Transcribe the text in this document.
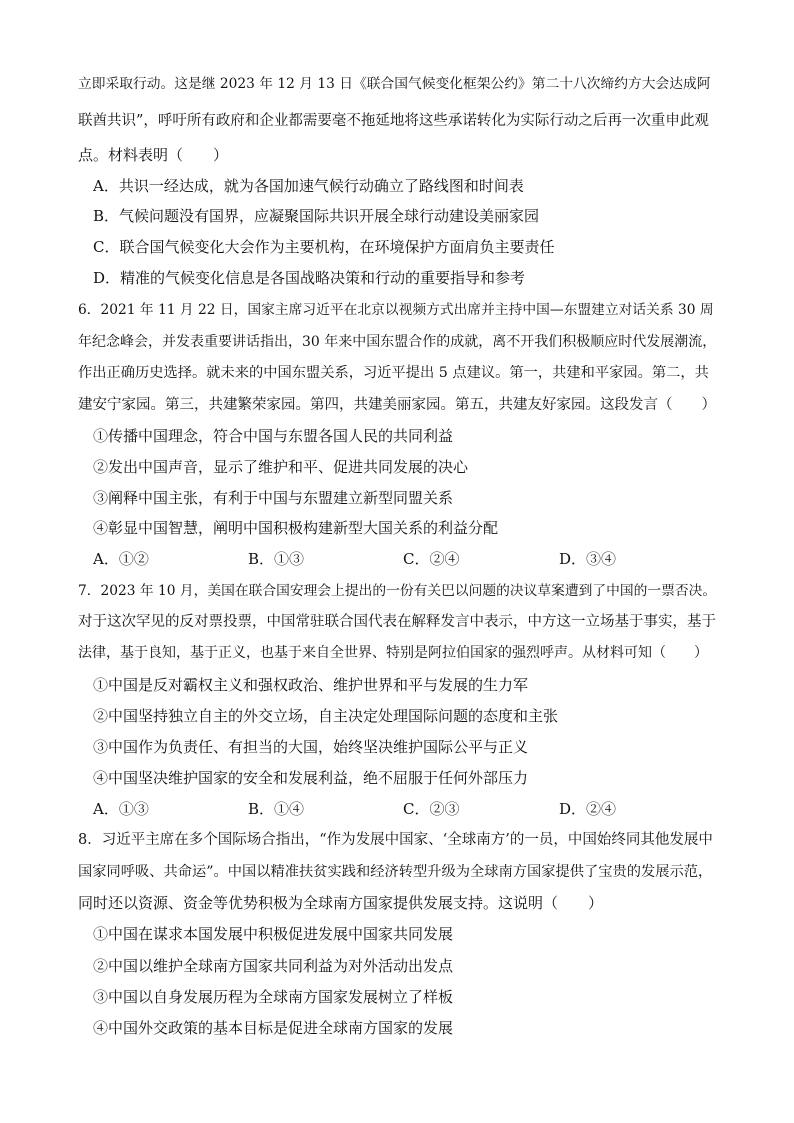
立即采取行动。这是继 2023 年 12 月 13 日《联合国气候变化框架公约》第二十八次缔约方大会达成阿
联酋共识”，呼吁所有政府和企业都需要毫不拖延地将这些承诺转化为实际行动之后再一次重申此观
点。材料表明（　　）
A．共识一经达成，就为各国加速气候行动确立了路线图和时间表
B．气候问题没有国界，应凝聚国际共识开展全球行动建设美丽家园
C．联合国气候变化大会作为主要机构，在环境保护方面肩负主要责任
D．精准的气候变化信息是各国战略决策和行动的重要指导和参考
6．2021 年 11 月 22 日，国家主席习近平在北京以视频方式出席并主持中国—东盟建立对话关系 30 周
年纪念峰会，并发表重要讲话指出，30 年来中国东盟合作的成就，离不开我们积极顺应时代发展潮流，
作出正确历史选择。就未来的中国东盟关系，习近平提出 5 点建议。第一，共建和平家园。第二，共
建安宁家园。第三，共建繁荣家园。第四，共建美丽家园。第五，共建友好家园。这段发言（　　）
①传播中国理念，符合中国与东盟各国人民的共同利益
②发出中国声音，显示了维护和平、促进共同发展的决心
③阐释中国主张，有利于中国与东盟建立新型同盟关系
④彰显中国智慧，阐明中国积极构建新型大国关系的利益分配
A．①②	B．①③	C．②④	D．③④
7．2023 年 10 月，美国在联合国安理会上提出的一份有关巴以问题的决议草案遭到了中国的一票否决。
对于这次罕见的反对票投票，中国常驻联合国代表在解释发言中表示，中方这一立场基于事实，基于
法律，基于良知，基于正义，也基于来自全世界、特别是阿拉伯国家的强烈呼声。从材料可知（　　）
①中国是反对霸权主义和强权政治、维护世界和平与发展的生力军
②中国坚持独立自主的外交立场，自主决定处理国际问题的态度和主张
③中国作为负责任、有担当的大国，始终坚决维护国际公平与正义
④中国坚决维护国家的安全和发展利益，绝不屈服于任何外部压力
A．①③	B．①④	C．②③	D．②④
8．习近平主席在多个国际场合指出，“作为发展中国家、‘全球南方’的一员，中国始终同其他发展中
国家同呼吸、共命运”。中国以精准扶贫实践和经济转型升级为全球南方国家提供了宝贵的发展示范，
同时还以资源、资金等优势积极为全球南方国家提供发展支持。这说明（　　）
①中国在谋求本国发展中积极促进发展中国家共同发展
②中国以维护全球南方国家共同利益为对外活动出发点
③中国以自身发展历程为全球南方国家发展树立了样板
④中国外交政策的基本目标是促进全球南方国家的发展
